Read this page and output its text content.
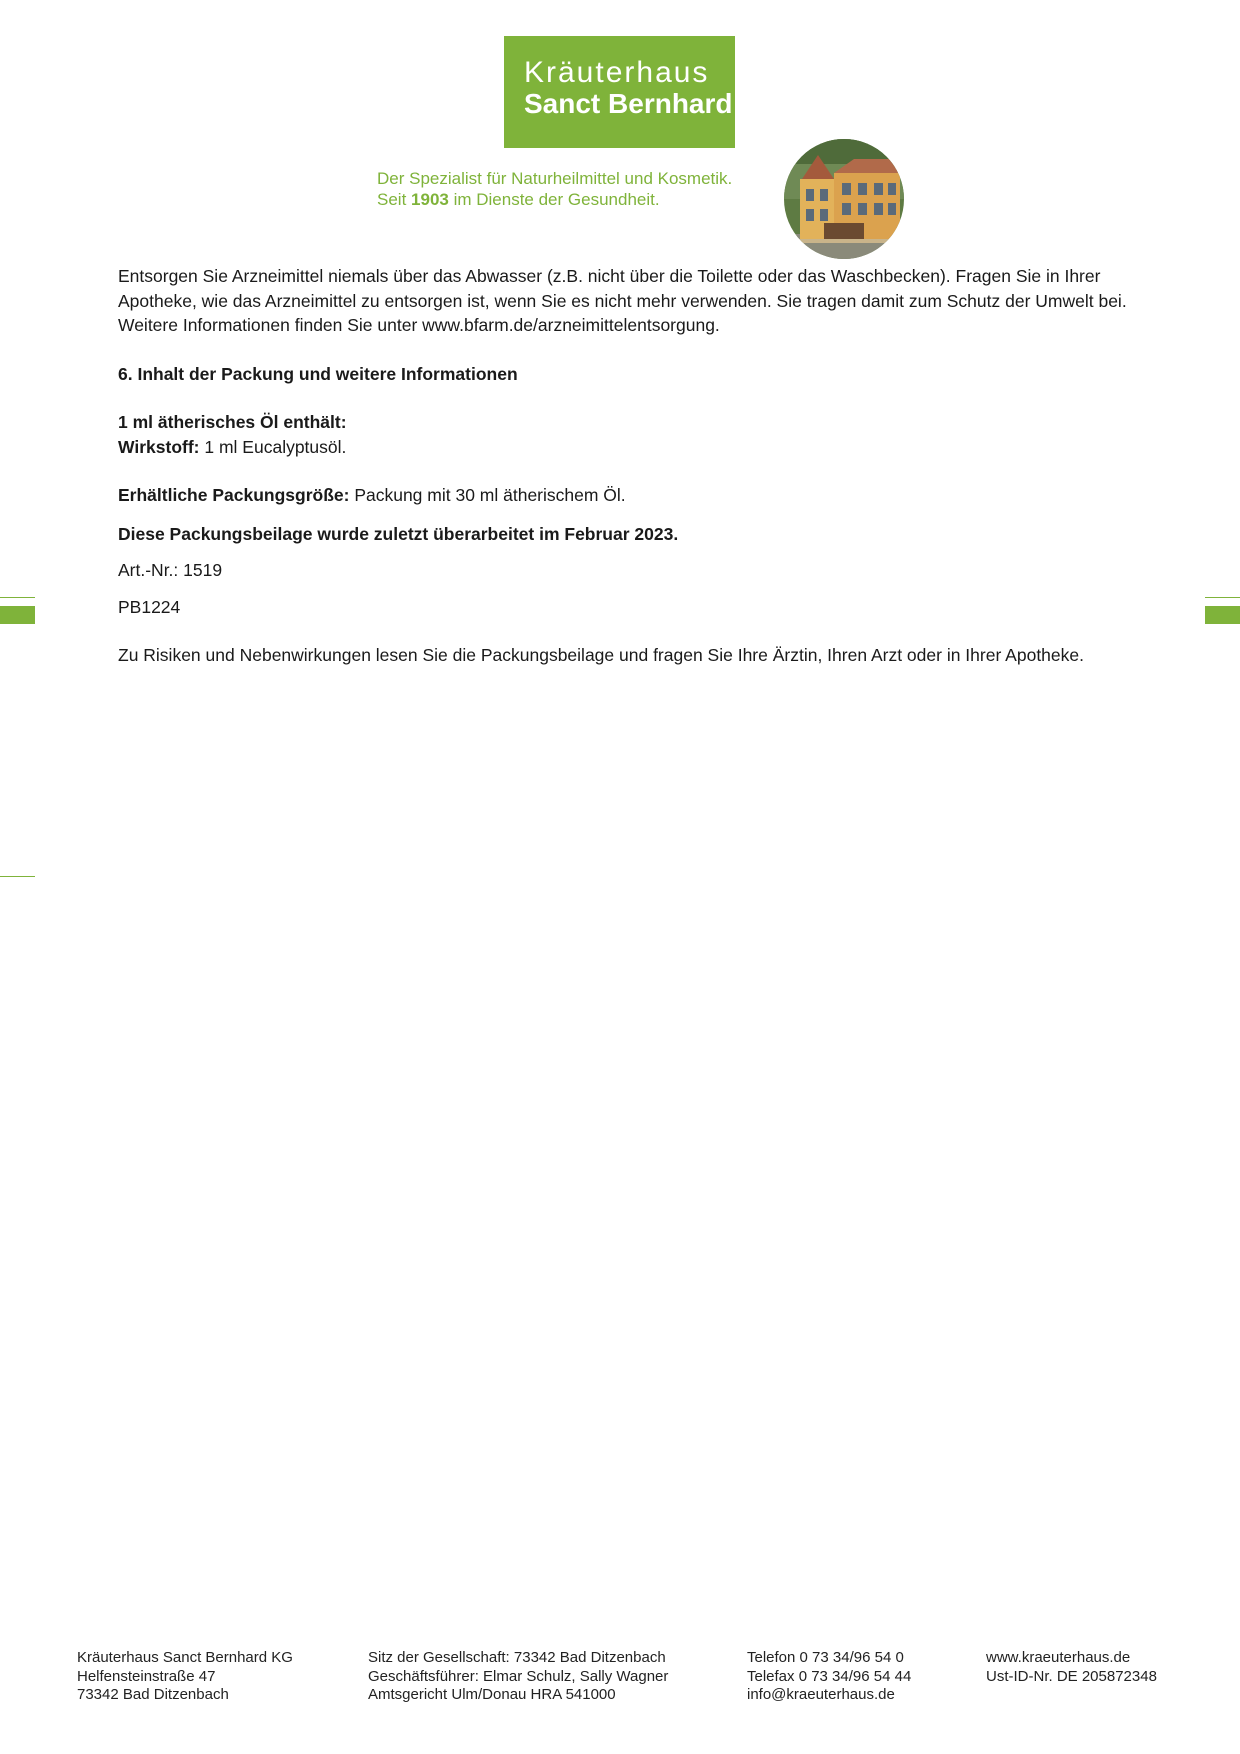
Kräuterhaus
Sanct Bernhard
Der Spezialist für Naturheilmittel und Kosmetik.
Seit 1903 im Dienste der Gesundheit.

Entsorgen Sie Arzneimittel niemals über das Abwasser (z.B. nicht über die Toilette oder das Waschbecken). Fragen Sie in Ihrer Apotheke, wie das Arzneimittel zu entsorgen ist, wenn Sie es nicht mehr verwenden. Sie tragen damit zum Schutz der Umwelt bei. Weitere Informationen finden Sie unter www.bfarm.de/arzneimittelentsorgung.

6. Inhalt der Packung und weitere Informationen

1 ml ätherisches Öl enthält:

Wirkstoff: 1 ml Eucalyptusöl.

Erhältliche Packungsgröße: Packung mit 30 ml ätherischem Öl.

Diese Packungsbeilage wurde zuletzt überarbeitet im Februar 2023.

Art.-Nr.: 1519

PB1224

Zu Risiken und Nebenwirkungen lesen Sie die Packungsbeilage und fragen Sie Ihre Ärztin, Ihren Arzt oder in Ihrer Apotheke.

Kräuterhaus Sanct Bernhard KG
Helfensteinstraße 47
73342 Bad Ditzenbach
Sitz der Gesellschaft: 73342 Bad Ditzenbach
Geschäftsführer: Elmar Schulz, Sally Wagner
Amtsgericht Ulm/Donau HRA 541000
Telefon 0 73 34/96 54 0
Telefax 0 73 34/96 54 44
info@kraeuterhaus.de
www.kraeuterhaus.de
Ust-ID-Nr. DE 205872348
